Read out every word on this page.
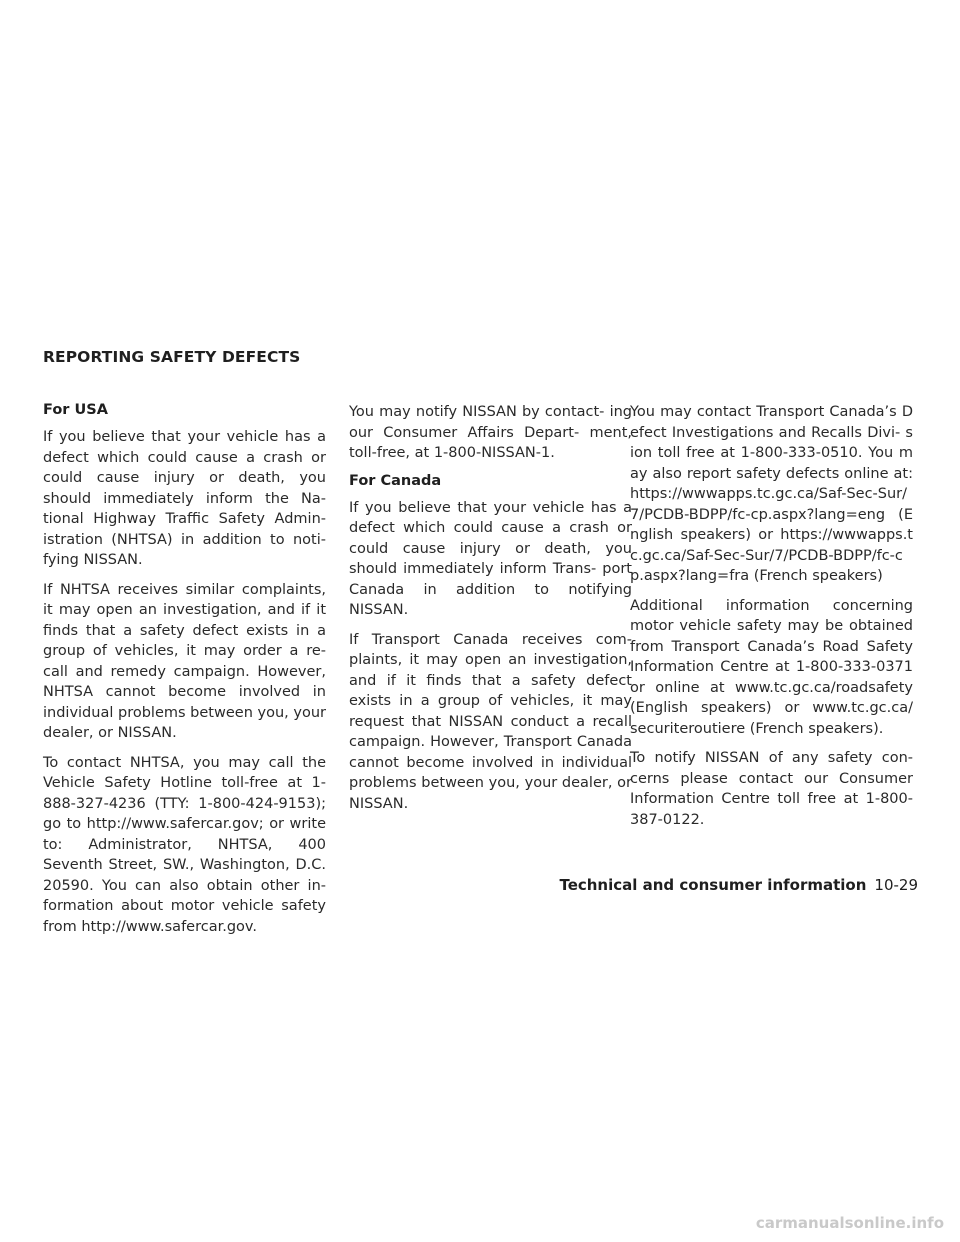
REPORTING SAFETY DEFECTS
For USA

If you believe that your vehicle has a defect which could cause a crash or could cause injury or death, you should immediately inform the Na- tional Highway Traffic Safety Admin- istration (NHTSA) in addition to noti- fying NISSAN.

If NHTSA receives similar complaints, it may open an investigation, and if it finds that a safety defect exists in a group of vehicles, it may order a re- call and remedy campaign. However, NHTSA cannot become involved in individual problems between you, your dealer, or NISSAN.

To contact NHTSA, you may call the Vehicle Safety Hotline toll-free at 1-888-327-4236 (TTY: 1-800-424-9153); go to http://www.safercar.gov; or write to: Administrator, NHTSA, 400 Seventh Street, SW., Washington, D.C. 20590. You can also obtain other in- formation about motor vehicle safety from http://www.safercar.gov.

You may notify NISSAN by contact- ing our Consumer Affairs Depart- ment, toll-free, at 1-800-NISSAN-1.

For Canada

If you believe that your vehicle has a defect which could cause a crash or could cause injury or death, you should immediately inform Trans- port Canada in addition to notifying NISSAN.

If Transport Canada receives com- plaints, it may open an investigation, and if it finds that a safety defect exists in a group of vehicles, it may request that NISSAN conduct a recall campaign. However, Transport Canada cannot become involved in individual problems between you, your dealer, or NISSAN.

You may contact Transport Canada’s Defect Investigations and Recalls Divi- sion toll free at 1-800-333-0510. You may also report safety defects online at: https://wwwapps.tc.gc.ca/Saf-Sec-Sur/7/PCDB-BDPP/fc-cp.aspx?lang=eng (English speakers) or https://wwwapps.tc.gc.ca/Saf-Sec-Sur/7/PCDB-BDPP/fc-cp.aspx?lang=fra (French speakers)

Additional information concerning motor vehicle safety may be obtained from Transport Canada’s Road Safety Information Centre at 1-800-333-0371 or online at www.tc.gc.ca/roadsafety (English speakers) or www.tc.gc.ca/ securiteroutiere (French speakers).

To notify NISSAN of any safety con- cerns please contact our Consumer Information Centre toll free at 1-800- 387-0122.

Technical and consumer information 10-29
carmanualsonline.info
